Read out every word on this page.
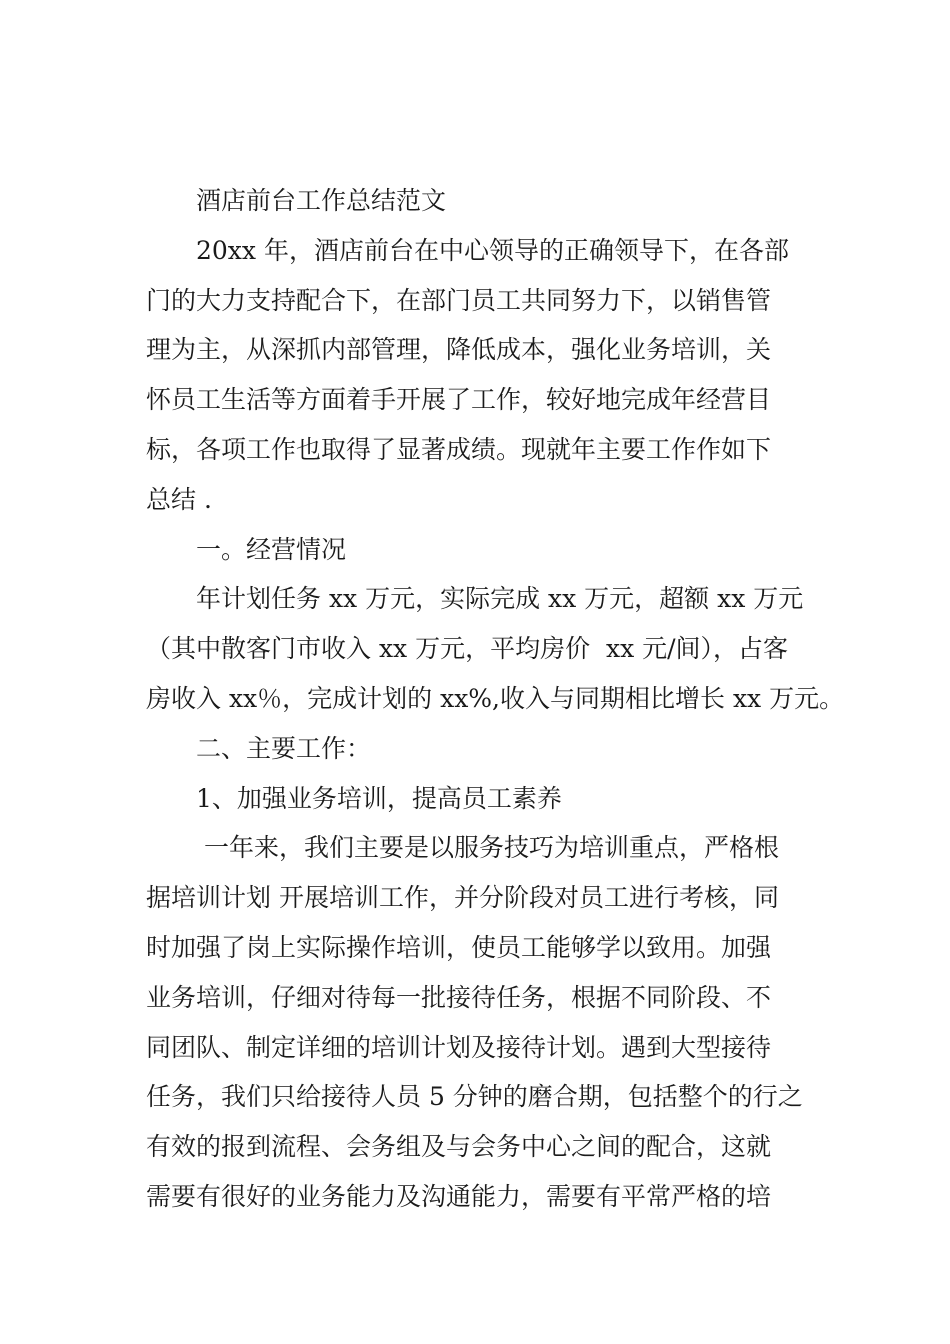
酒店前台工作总结范文
20xx 年，酒店前台在中心领导的正确领导下，在各部
门的大力支持配合下，在部门员工共同努力下，以销售管
理为主，从深抓内部管理，降低成本，强化业务培训，关
怀员工生活等方面着手开展了工作，较好地完成年经营目
标，各项工作也取得了显著成绩。现就年主要工作作如下
总结 .
一。经营情况
年计划任务 xx 万元，实际完成 xx 万元，超额 xx 万元
（其中散客门市收入 xx 万元，平均房价  xx 元/间），占客
房收入 xx％，完成计划的 xx%,收入与同期相比增长 xx 万元。
二、主要工作：
1、加强业务培训，提高员工素养
一年来，我们主要是以服务技巧为培训重点，严格根
据培训计划 开展培训工作，并分阶段对员工进行考核，同
时加强了岗上实际操作培训，使员工能够学以致用。加强
业务培训，仔细对待每一批接待任务，根据不同阶段、不
同团队、制定详细的培训计划及接待计划。遇到大型接待
任务，我们只给接待人员 5 分钟的磨合期，包括整个的行之
有效的报到流程、会务组及与会务中心之间的配合，这就
需要有很好的业务能力及沟通能力，需要有平常严格的培
